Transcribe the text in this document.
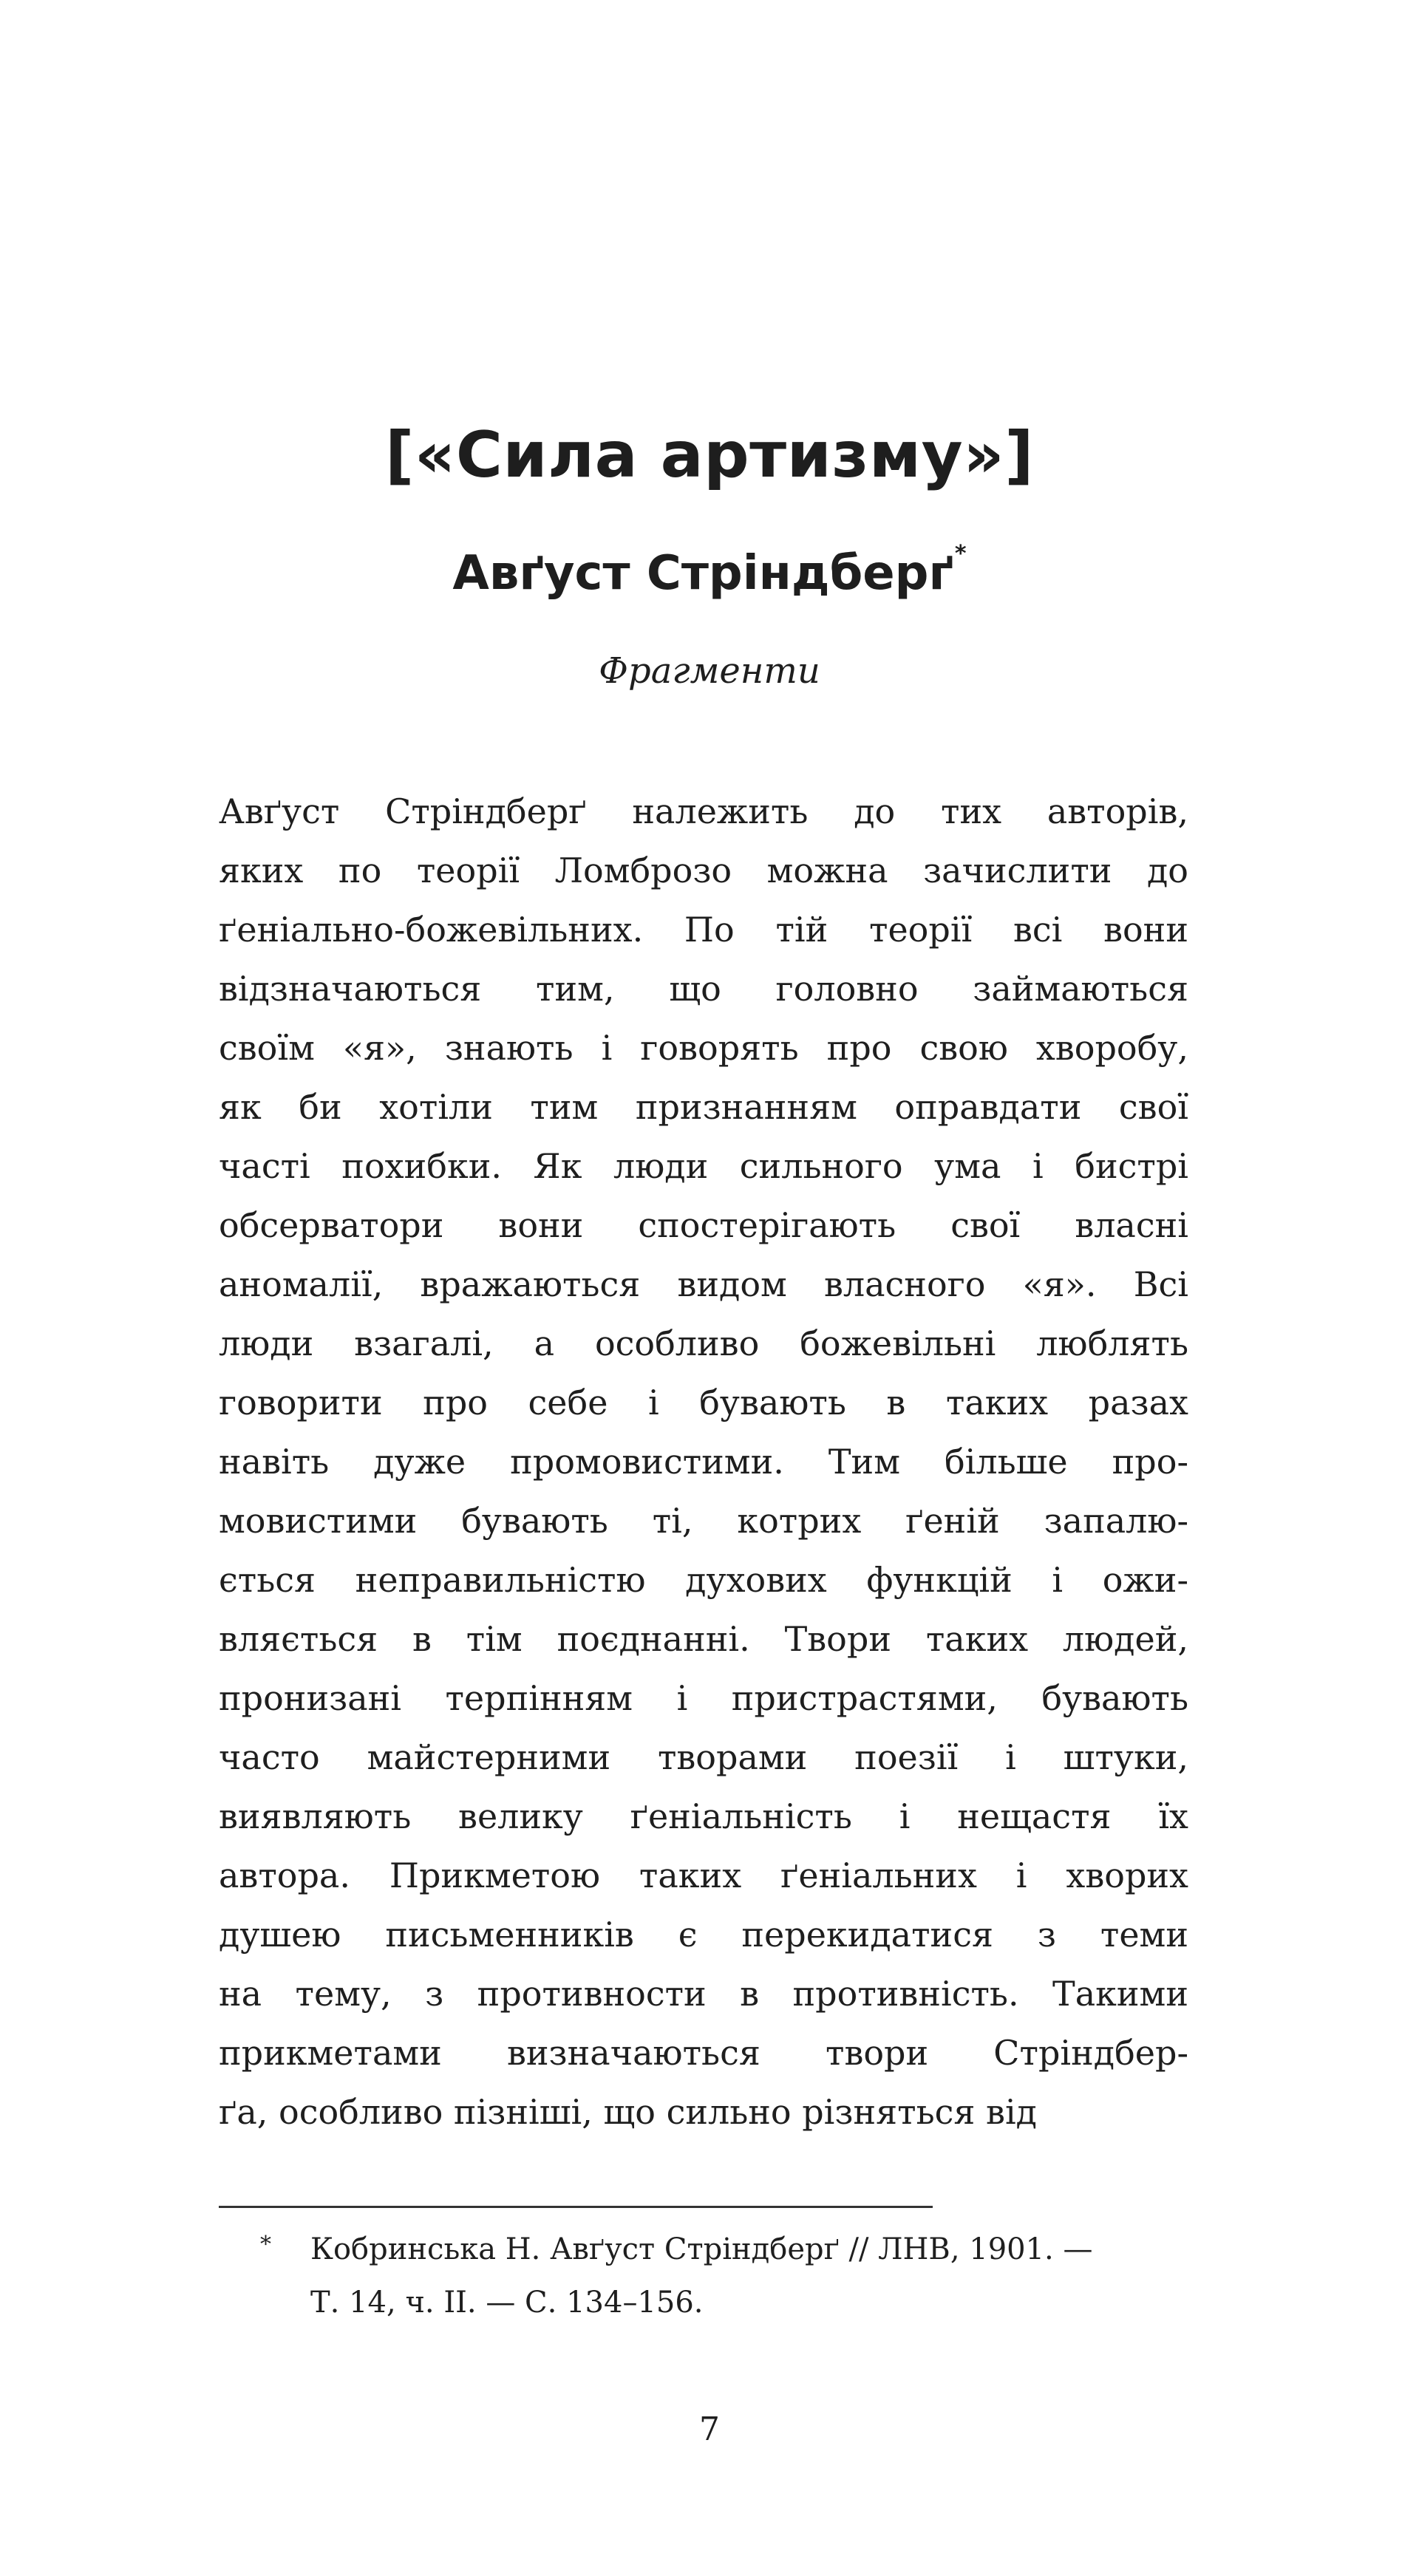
[«Сила артизму»]
Авґуст Стріндберґ*
Фрагменти
Авґуст Стріндберґ належить до тих авторів,
яких по теорії Ломброзо можна зачислити до
ґеніально-божевільних. По тій теорії всі вони
відзначаються тим, що головно займаються
своїм «я», знають і говорять про свою хворобу,
як би хотіли тим признанням оправдати свої
часті похибки. Як люди сильного ума і бистрі
обсерватори вони спостерігають свої власні
аномалії, вражаються видом власного «я». Всі
люди взагалі, а особливо божевільні люблять
говорити про себе і бувають в таких разах
навіть дуже промовистими. Тим більше про-
мовистими бувають ті, котрих ґеній запалю-
ється неправильністю духових функцій і ожи-
вляється в тім поєднанні. Твори таких людей,
пронизані терпінням і пристрастями, бувають
часто майстерними творами поезії і штуки,
виявляють велику ґеніальність і нещастя їх
автора. Прикметою таких ґеніальних і хворих
душею письменників є перекидатися з теми
на тему, з противности в противність. Такими
прикметами визначаються твори Стріндбер-
ґа, особливо пізніші, що сильно різняться від
* Кобринська Н. Авґуст Стріндберґ // ЛНВ, 1901. —
Т. 14, ч. ІІ. — С. 134–156.
7
